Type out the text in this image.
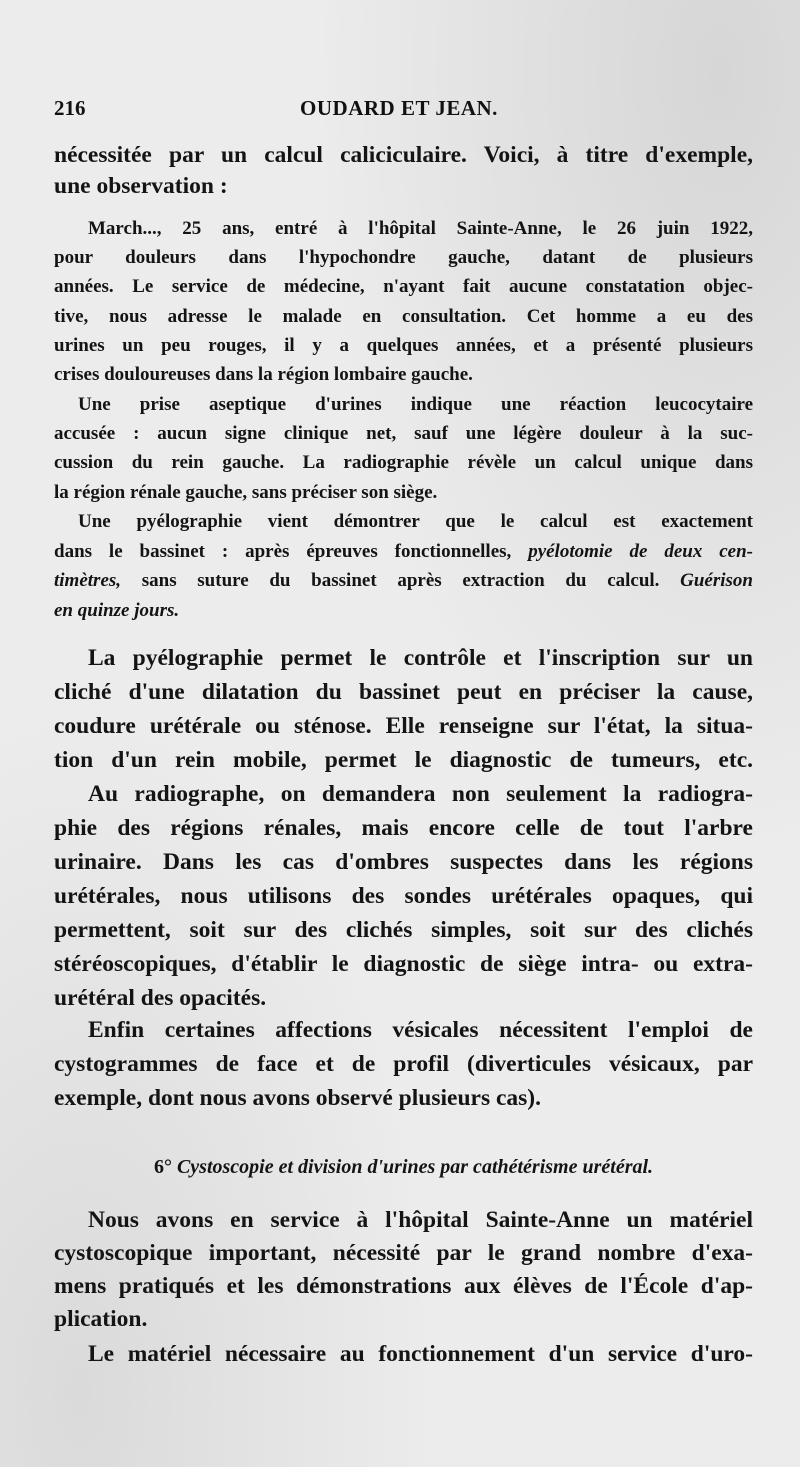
216	OUDARD ET JEAN.
nécessitée par un calcul caliciculaire. Voici, à titre d'exemple,
une observation :
March..., 25 ans, entré à l'hôpital Sainte-Anne, le 26 juin 1922,
pour douleurs dans l'hypochondre gauche, datant de plusieurs
années. Le service de médecine, n'ayant fait aucune constatation objec-
tive, nous adresse le malade en consultation. Cet homme a eu des
urines un peu rouges, il y a quelques années, et a présenté plusieurs
crises douloureuses dans la région lombaire gauche.
Une prise aseptique d'urines indique une réaction leucocytaire
accusée : aucun signe clinique net, sauf une légère douleur à la suc-
cussion du rein gauche. La radiographie révèle un calcul unique dans
la région rénale gauche, sans préciser son siège.
Une pyélographie vient démontrer que le calcul est exactement
dans le bassinet : après épreuves fonctionnelles, pyélotomie de deux cen-
timètres, sans suture du bassinet après extraction du calcul. Guérison
en quinze jours.
La pyélographie permet le contrôle et l'inscription sur un
cliché d'une dilatation du bassinet peut en préciser la cause,
coudure urétérale ou sténose. Elle renseigne sur l'état, la situa-
tion d'un rein mobile, permet le diagnostic de tumeurs, etc.
Au radiographe, on demandera non seulement la radiogra-
phie des régions rénales, mais encore celle de tout l'arbre
urinaire. Dans les cas d'ombres suspectes dans les régions
urétérales, nous utilisons des sondes urétérales opaques, qui
permettent, soit sur des clichés simples, soit sur des clichés
stéréoscopiques, d'établir le diagnostic de siège intra- ou extra-
urétéral des opacités.
Enfin certaines affections vésicales nécessitent l'emploi de
cystogrammes de face et de profil (diverticules vésicaux, par
exemple, dont nous avons observé plusieurs cas).
6° Cystoscopie et division d'urines par cathétérisme urétéral.
Nous avons en service à l'hôpital Sainte-Anne un matériel
cystoscopique important, nécessité par le grand nombre d'exa-
mens pratiqués et les démonstrations aux élèves de l'École d'ap-
plication.
Le matériel nécessaire au fonctionnement d'un service d'uro-
